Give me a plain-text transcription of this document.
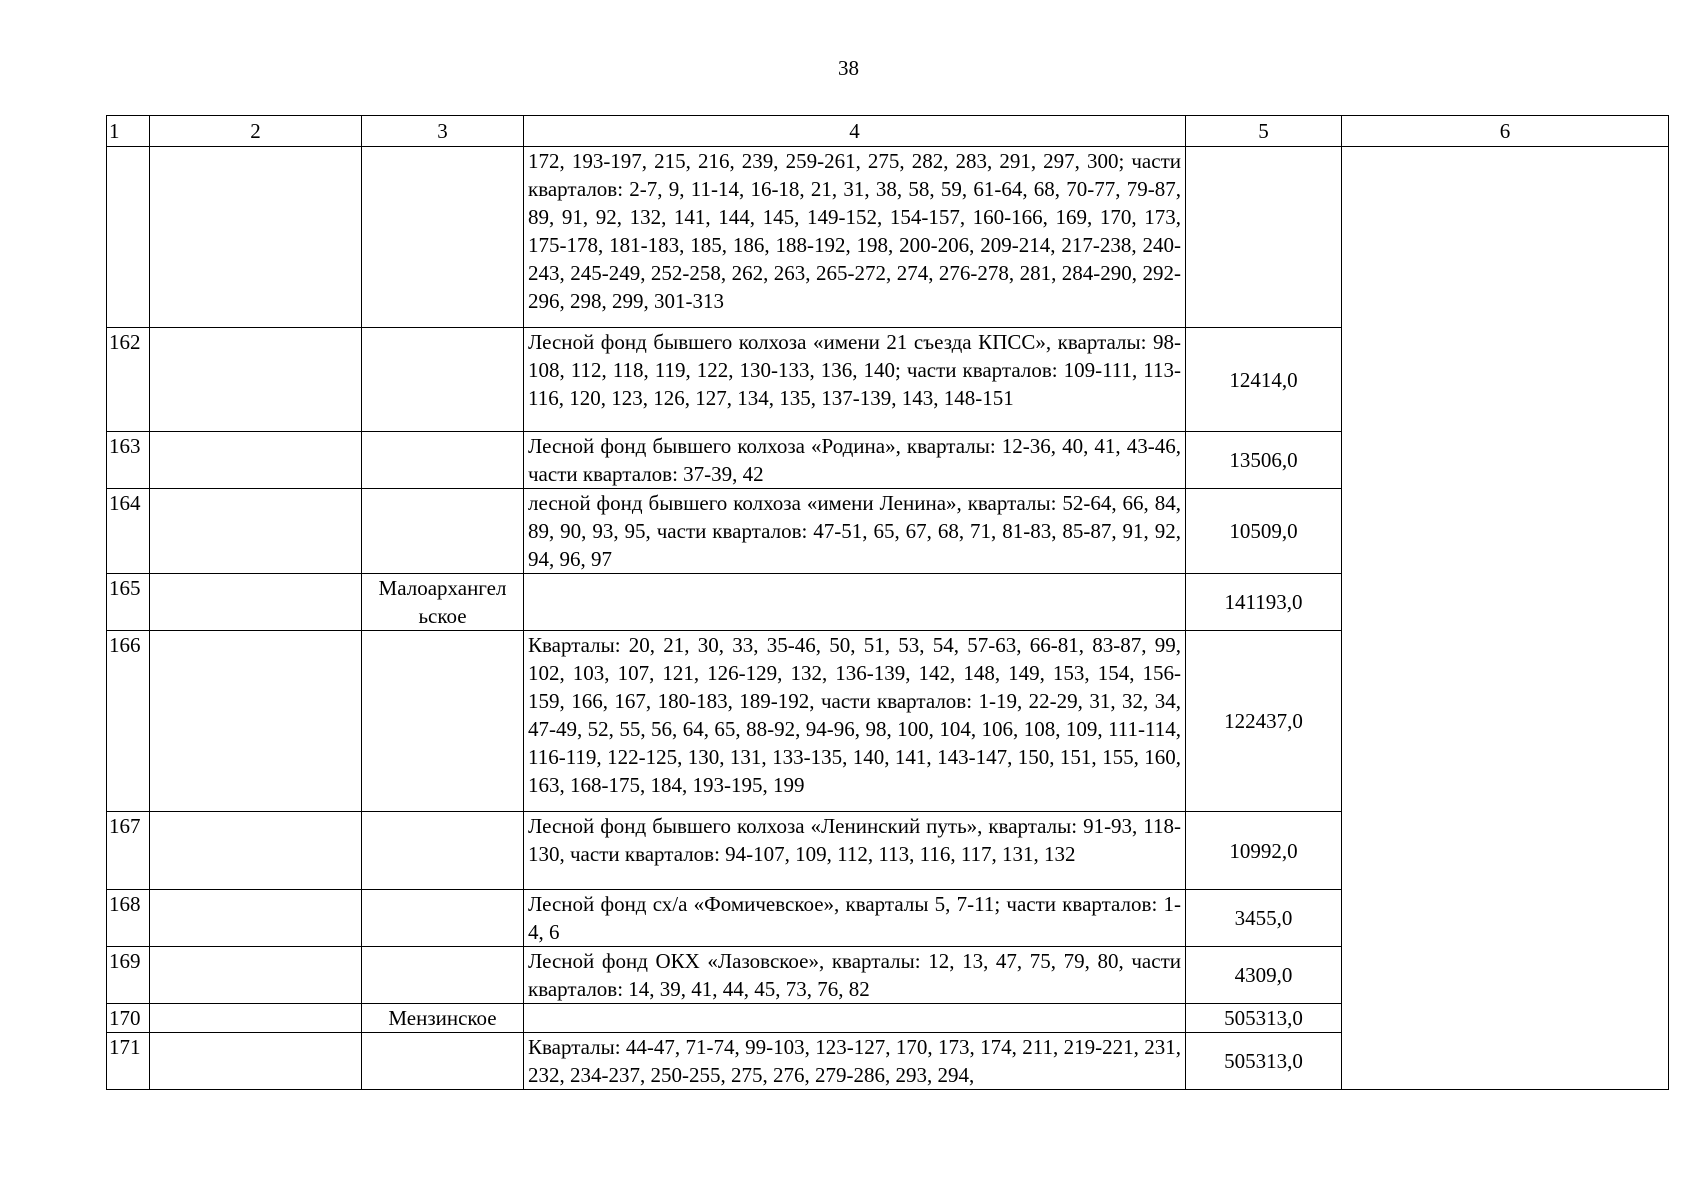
38
1	2	3	4	5	6
			172, 193-197, 215, 216, 239, 259-261, 275, 282, 283, 291, 297, 300; части кварталов: 2-7, 9, 11-14, 16-18, 21, 31, 38, 58, 59, 61-64, 68, 70-77, 79-87, 89, 91, 92, 132, 141, 144, 145, 149-152, 154-157, 160-166, 169, 170, 173, 175-178, 181-183, 185, 186, 188-192, 198, 200-206, 209-214, 217-238, 240-243, 245-249, 252-258, 262, 263, 265-272, 274, 276-278, 281, 284-290, 292-296, 298, 299, 301-313		
162			Лесной фонд бывшего колхоза «имени 21 съезда КПСС», кварталы: 98-108, 112, 118, 119, 122, 130-133, 136, 140; части кварталов: 109-111, 113-116, 120, 123, 126, 127, 134, 135, 137-139, 143, 148-151	12414,0	
163			Лесной фонд бывшего колхоза «Родина», кварталы: 12-36, 40, 41, 43-46, части кварталов: 37-39, 42	13506,0	
164			лесной фонд бывшего колхоза «имени Ленина», кварталы: 52-64, 66, 84, 89, 90, 93, 95, части кварталов: 47-51, 65, 67, 68, 71, 81-83, 85-87, 91, 92, 94, 96, 97	10509,0	
165		Малоархангел ьское		141193,0	
166			Кварталы: 20, 21, 30, 33, 35-46, 50, 51, 53, 54, 57-63, 66-81, 83-87, 99, 102, 103, 107, 121, 126-129, 132, 136-139, 142, 148, 149, 153, 154, 156-159, 166, 167, 180-183, 189-192, части кварталов: 1-19, 22-29, 31, 32, 34, 47-49, 52, 55, 56, 64, 65, 88-92, 94-96, 98, 100, 104, 106, 108, 109, 111-114, 116-119, 122-125, 130, 131, 133-135, 140, 141, 143-147, 150, 151, 155, 160, 163, 168-175, 184, 193-195, 199	122437,0	
167			Лесной фонд бывшего колхоза «Ленинский путь», кварталы: 91-93, 118-130, части кварталов: 94-107, 109, 112, 113, 116, 117, 131, 132	10992,0	
168			Лесной фонд сх/а «Фомичевское», кварталы 5, 7-11; части кварталов: 1-4, 6	3455,0	
169			Лесной фонд ОКХ «Лазовское», кварталы: 12, 13, 47, 75, 79, 80, части кварталов: 14, 39, 41, 44, 45, 73, 76, 82	4309,0	
170		Мензинское		505313,0	
171			Кварталы: 44-47, 71-74, 99-103, 123-127, 170, 173, 174, 211, 219-221, 231, 232, 234-237, 250-255, 275, 276, 279-286, 293, 294,	505313,0	
